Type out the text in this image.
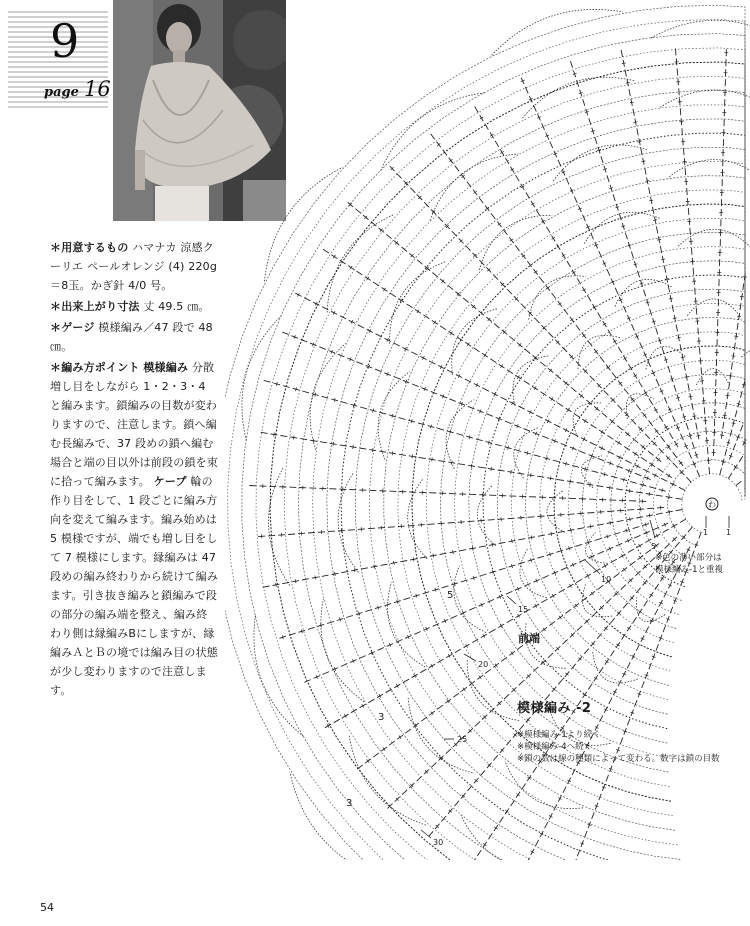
9
page 16

＊用意するもの ハマナカ 涼感クーリエ ペールオレンジ (4) 220g＝8玉。かぎ針 4/0 号。

＊出来上がり寸法 丈 49.5 ㎝。

＊ゲージ 模様編み／47 段で 48㎝。

＊編み方ポイント 模様編み 分散増し目をしながら 1・2・3・4 と編みます。鎖編みの目数が変わりますので、注意します。鎖へ編む長編みで、37 段めの鎖へ編む場合と端の目以外は前段の鎖を束に拾って編みます。 ケープ 輪の作り目をして、1 段ごとに編み方向を変えて編みます。編み始めは 5 模様ですが、端でも増し目をして 7 模様にします。縁編みは 47 段めの編み終わりから続けて編みます。引き抜き編みと鎖編みで段の部分の編み端を整え、編み終わり側は縁編みBにしますが、縁編みＡとＢの境では編み目の状態が少し変わりますので注意します。

わ
1 1
5
10
15
20
25
30
5
3
3
※色の薄い部分は
模様編み-1と重複
前端
模様編み -2
※模様編み-1より続く
※模様編み-4へ続く
※鎖の数は線の種類によって変わる。数字は鎖の目数
54
